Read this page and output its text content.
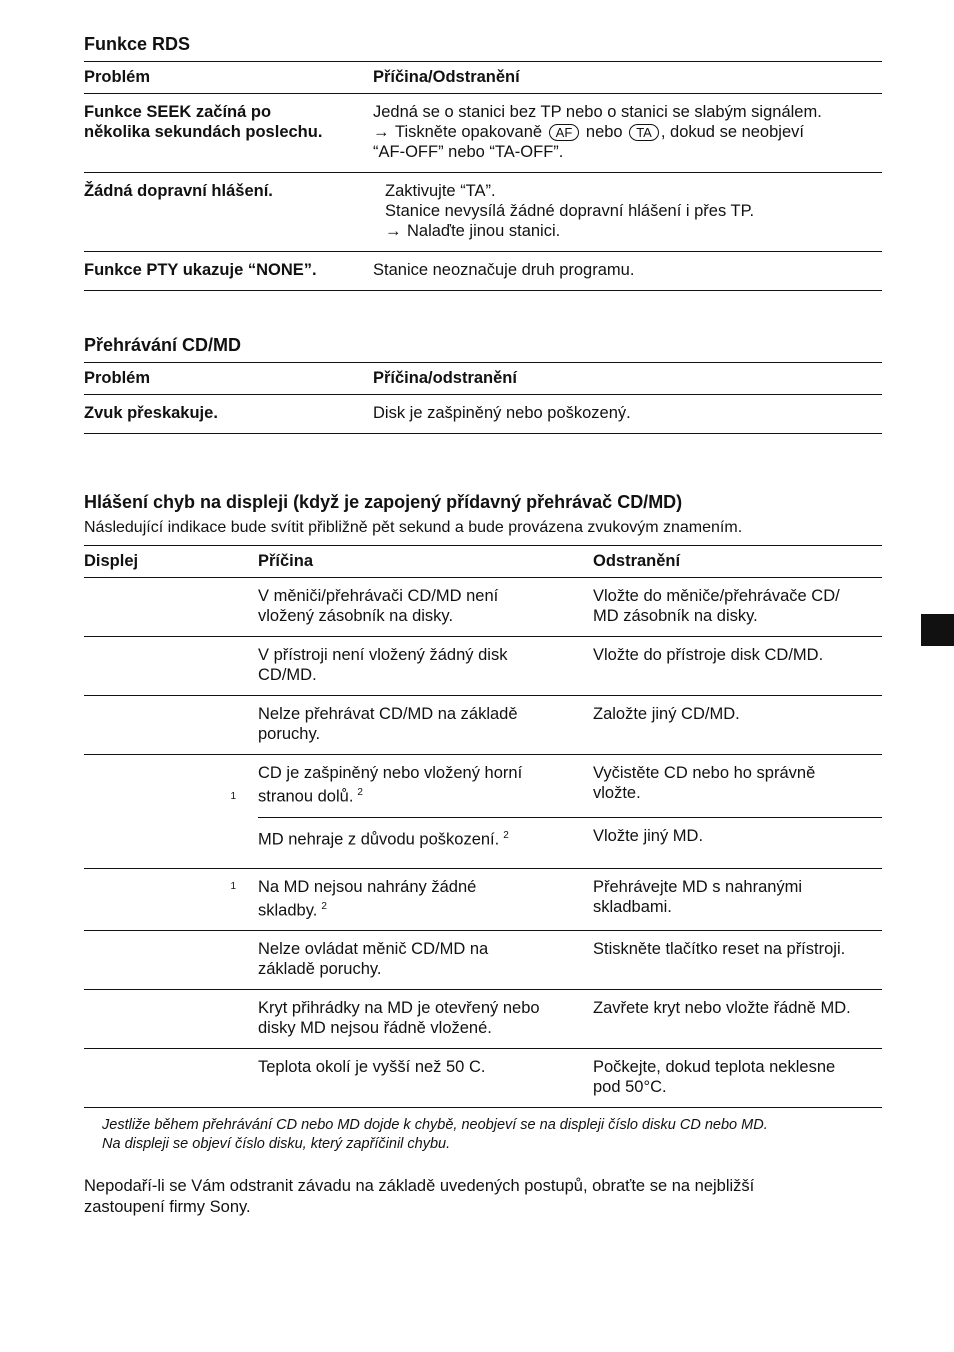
Funkce RDS
Problém	Příčina/Odstranění

Funkce SEEK začíná po
několika sekundách poslechu.	Jedná se o stanici bez TP nebo o stanici se slabým signálem.
→ Tiskněte opakovaně AF nebo TA , dokud se neobjeví
“AF-OFF” nebo “TA-OFF”.

Žádná dopravní hlášení.	Zaktivujte “TA”.
Stanice nevysílá žádné dopravní hlášení i přes TP.
→ Nalaďte jinou stanici.

Funkce PTY ukazuje “NONE”.	Stanice neoznačuje druh programu.
Přehrávání CD/MD
Problém	Příčina/odstranění
Zvuk přeskakuje.	Disk je zašpiněný nebo poškozený.
Hlášení chyb na displeji (když je zapojený přídavný přehrávač CD/MD)
Následující indikace bude svítit přibližně pět sekund a bude provázena zvukovým znamením.
Displej	Příčina	Odstranění

	V měniči/přehrávači CD/MD není
vložený zásobník na disky.	Vložte do měniče/přehrávače CD/
MD zásobník na disky.

	V přístroji není vložený žádný disk
CD/MD.	Vložte do přístroje disk CD/MD.

	Nelze přehrávat CD/MD na základě
poruchy.	Založte jiný CD/MD.

1	CD je zašpiněný nebo vložený horní
stranou dolů. $^2$	Vyčistěte CD nebo ho správně
vložte.

	MD nehraje z důvodu poškození. $^2$	Vložte jiný MD.

1	Na MD nejsou nahrány žádné
skladby. $^2$	Přehrávejte MD s nahranými
skladbami.

	Nelze ovládat měnič CD/MD na
základě poruchy.	Stiskněte tlačítko reset na přístroji.

	Kryt přihrádky na MD je otevřený nebo
disky MD nejsou řádně vložené.	Zavřete kryt nebo vložte řádně MD.

	Teplota okolí je vyšší než 50 C.	Počkejte, dokud teplota neklesne
pod 50°C.
Jestliže během přehrávání CD nebo MD dojde k chybě, neobjeví se na displeji číslo disku CD nebo MD.
Na displeji se objeví číslo disku, který zapříčinil chybu.
Nepodaří-li se Vám odstranit závadu na základě uvedených postupů, obraťte se na nejbližší
zastoupení firmy Sony.
